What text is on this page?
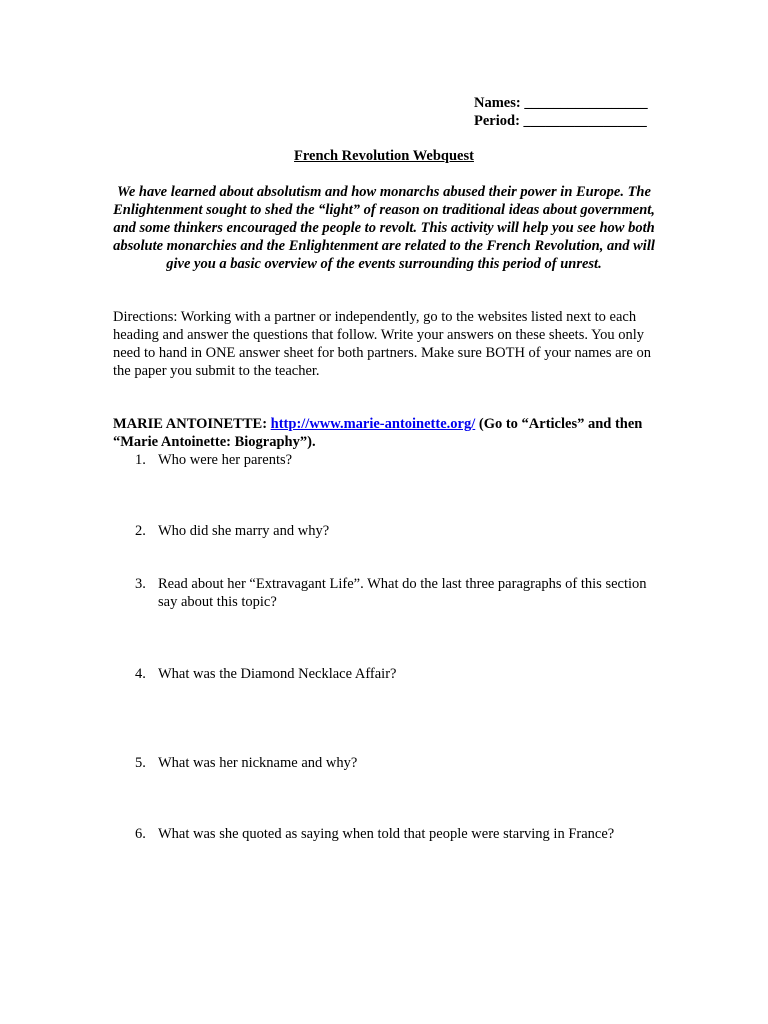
Names: _________________
Period: _________________
French Revolution Webquest
We have learned about absolutism and how monarchs abused their power in Europe. The Enlightenment sought to shed the “light” of reason on traditional ideas about government, and some thinkers encouraged the people to revolt. This activity will help you see how both absolute monarchies and the Enlightenment are related to the French Revolution, and will give you a basic overview of the events surrounding this period of unrest.
Directions: Working with a partner or independently, go to the websites listed next to each heading and answer the questions that follow. Write your answers on these sheets. You only need to hand in ONE answer sheet for both partners. Make sure BOTH of your names are on the paper you submit to the teacher.
MARIE ANTOINETTE: http://www.marie-antoinette.org/ (Go to “Articles” and then “Marie Antoinette: Biography”).
1. Who were her parents?
2. Who did she marry and why?
3. Read about her “Extravagant Life”. What do the last three paragraphs of this section say about this topic?
4. What was the Diamond Necklace Affair?
5. What was her nickname and why?
6. What was she quoted as saying when told that people were starving in France?
